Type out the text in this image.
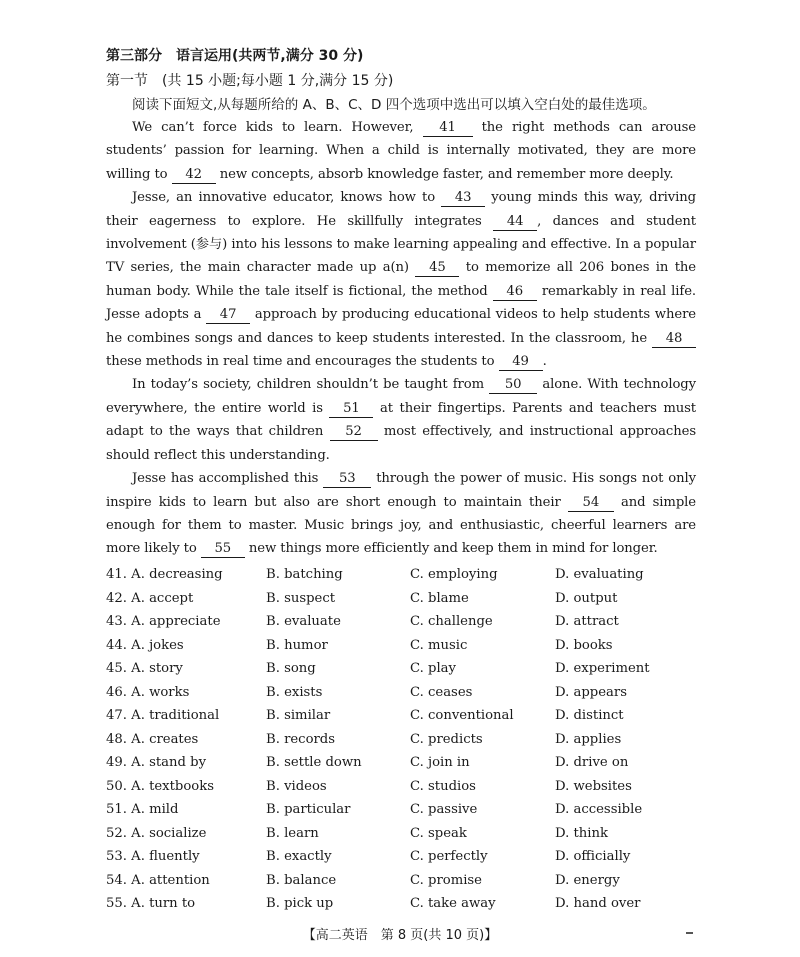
第三部分　语言运用(共两节,满分 30 分)
第一节　(共 15 小题;每小题 1 分,满分 15 分)
阅读下面短文,从每题所给的 A、B、C、D 四个选项中选出可以填入空白处的最佳选项。

We can’t force kids to learn. However, 41 the right methods can arouse students’ passion for learning. When a child is internally motivated, they are more willing to 42 new concepts, absorb knowledge faster, and remember more deeply.

Jesse, an innovative educator, knows how to 43 young minds this way, driving their eagerness to explore. He skillfully integrates 44 , dances and student involvement (参与) into his lessons to make learning appealing and effective. In a popular TV series, the main character made up a(n) 45 to memorize all 206 bones in the human body. While the tale itself is fictional, the method 46 remarkably in real life. Jesse adopts a 47 approach by producing educational videos to help students where he combines songs and dances to keep students interested. In the classroom, he 48 these methods in real time and encourages the students to 49 .

In today’s society, children shouldn’t be taught from 50 alone. With technology everywhere, the entire world is 51 at their fingertips. Parents and teachers must adapt to the ways that children 52 most effectively, and instructional approaches should reflect this understanding.

Jesse has accomplished this 53 through the power of music. His songs not only inspire kids to learn but also are short enough to maintain their 54 and simple enough for them to master. Music brings joy, and enthusiastic, cheerful learners are more likely to 55 new things more efficiently and keep them in mind for longer.

41. A. decreasing	B. batching	C. employing	D. evaluating
42. A. accept	B. suspect	C. blame	D. output
43. A. appreciate	B. evaluate	C. challenge	D. attract
44. A. jokes	B. humor	C. music	D. books
45. A. story	B. song	C. play	D. experiment
46. A. works	B. exists	C. ceases	D. appears
47. A. traditional	B. similar	C. conventional	D. distinct
48. A. creates	B. records	C. predicts	D. applies
49. A. stand by	B. settle down	C. join in	D. drive on
50. A. textbooks	B. videos	C. studios	D. websites
51. A. mild	B. particular	C. passive	D. accessible
52. A. socialize	B. learn	C. speak	D. think
53. A. fluently	B. exactly	C. perfectly	D. officially
54. A. attention	B. balance	C. promise	D. energy
55. A. turn to	B. pick up	C. take away	D. hand over
【高二英语　第 8 页(共 10 页)】
